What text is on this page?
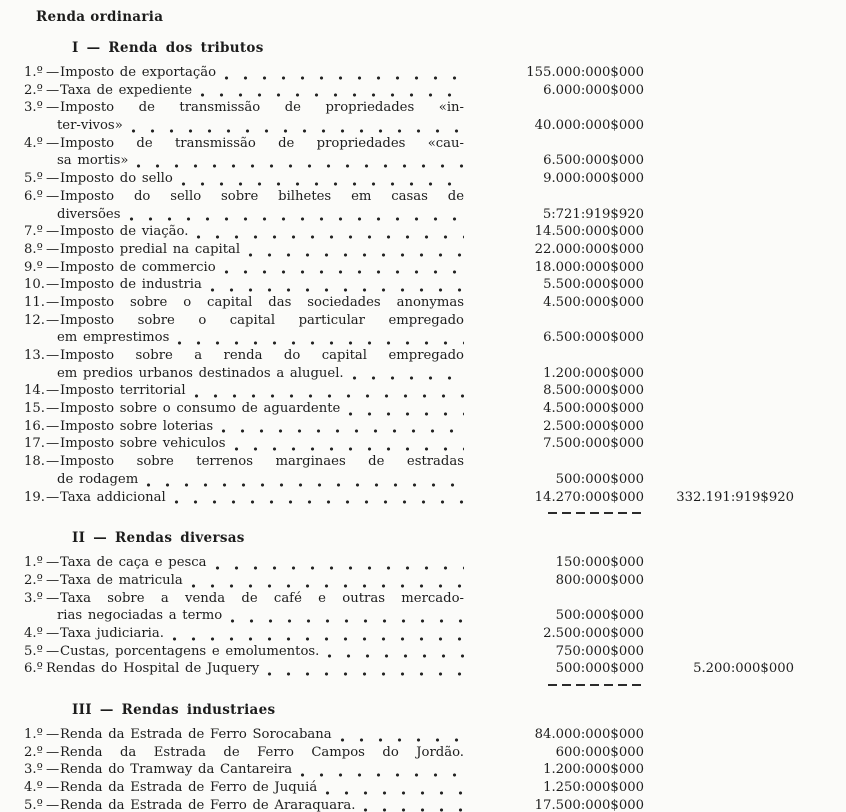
Renda ordinaria
I — Renda dos tributos
1.º — Imposto de exportação	155.000:000$000
2.º — Taxa de expediente	6.000:000$000
3.º — Imposto de transmissão de propriedades «in-
ter-vivos»	40.000:000$000
4.º — Imposto de transmissão de propriedades «cau-
sa mortis»	6.500:000$000
5.º — Imposto do sello	9.000:000$000
6.º — Imposto do sello sobre bilhetes em casas de
diversões	5:721:919$920
7.º — Imposto de viação.	14.500:000$000
8.º — Imposto predial na capital	22.000:000$000
9.º — Imposto de commercio	18.000:000$000
10. — Imposto de industria	5.500:000$000
11. — Imposto sobre o capital das sociedades anonymas	4.500:000$000
12. — Imposto sobre o capital particular empregado
em emprestimos	6.500:000$000
13. — Imposto sobre a renda do capital empregado
em predios urbanos destinados a aluguel.	1.200:000$000
14. — Imposto territorial	8.500:000$000
15. — Imposto sobre o consumo de aguardente	4.500:000$000
16. — Imposto sobre loterias	2.500:000$000
17. — Imposto sobre vehiculos	7.500:000$000
18. — Imposto sobre terrenos marginaes de estradas
de rodagem	500:000$000
19. — Taxa addicional	14.270:000$000	332.191:919$920
II — Rendas diversas
1.º — Taxa de caça e pesca	150:000$000
2.º — Taxa de matricula	800:000$000
3.º — Taxa sobre a venda de café e outras mercado-
rias negociadas a termo	500:000$000
4.º — Taxa judiciaria.	2.500:000$000
5.º — Custas, porcentagens e emolumentos.	750:000$000
6.º Rendas do Hospital de Juquery	500:000$000	5.200:000$000
III — Rendas industriaes
1.º — Renda da Estrada de Ferro Sorocabana	84.000:000$000
2.º — Renda da Estrada de Ferro Campos do Jordão.	600:000$000
3.º — Renda do Tramway da Cantareira	1.200:000$000
4.º — Renda da Estrada de Ferro de Juquiá	1.250:000$000
5.º — Renda da Estrada de Ferro de Araraquara.	17.500:000$000
